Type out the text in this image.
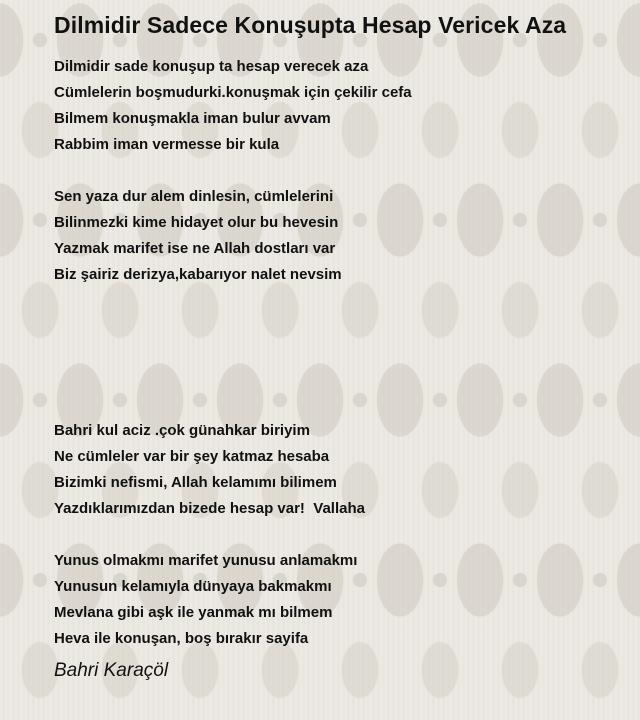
Dilmidir Sadece Konuşupta Hesap Vericek Aza
Dilmidir sade konuşup ta hesap verecek aza
Cümlelerin boşmudurki.konuşmak için çekilir cefa
Bilmem konuşmakla iman bulur avvam
Rabbim iman vermesse bir kula
Sen yaza dur alem dinlesin, cümlelerini
Bilinmezki kime hidayet olur bu hevesin
Yazmak marifet ise ne Allah dostları var
Biz şairiz derizya,kabarıyor nalet nevsim
Bahri kul aciz .çok günahkar biriyim
Ne cümleler var bir şey katmaz hesaba
Bizimki nefismi, Allah kelamımı bilimem
Yazdıklarımızdan bizede hesap var!  Vallaha
Yunus olmakmı marifet yunusu anlamakmı
Yunusun kelamıyla dünyaya bakmakmı
Mevlana gibi aşk ile yanmak mı bilmem
Heva ile konuşan, boş bırakır sayifa
Bahri Karaçöl
